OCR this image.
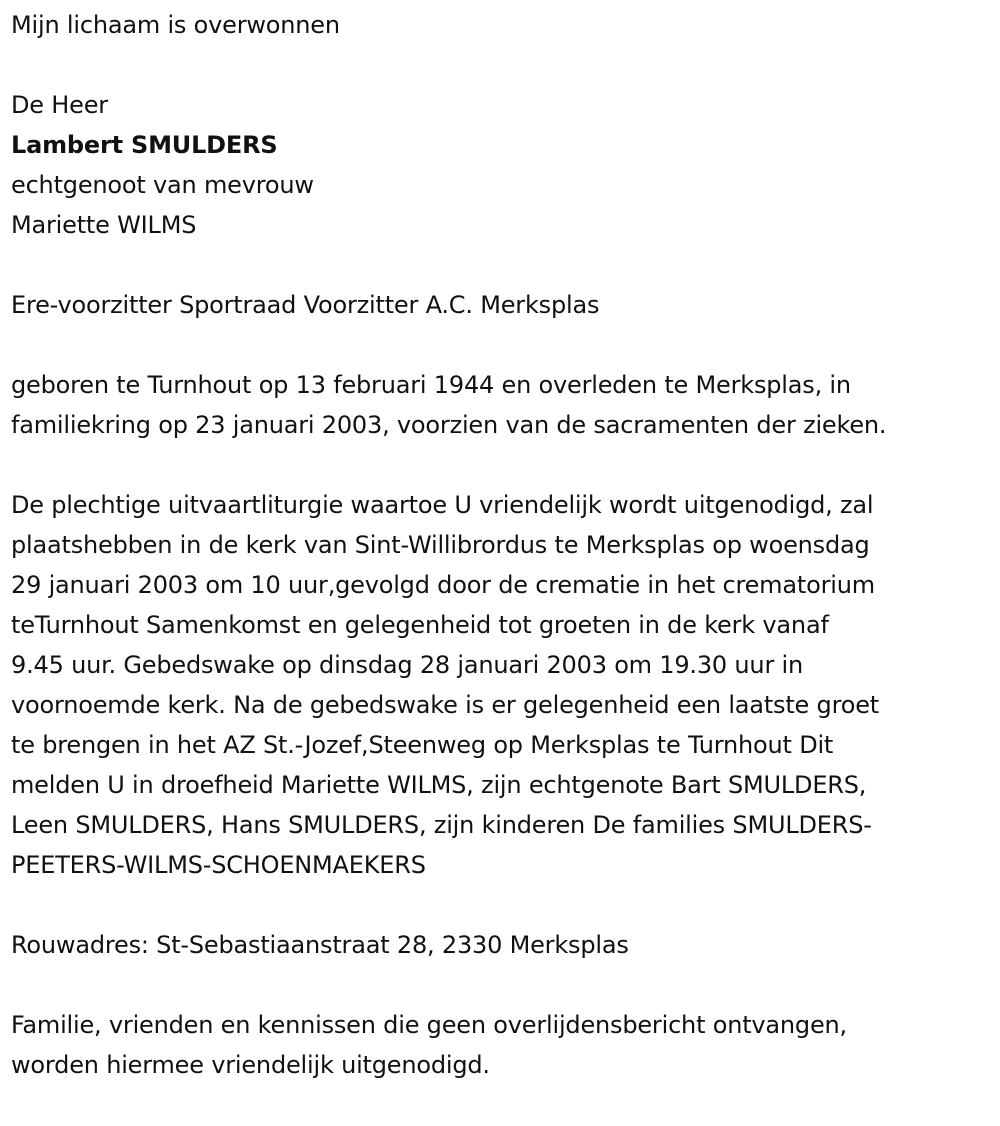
Mijn lichaam is overwonnen
De Heer
Lambert SMULDERS
echtgenoot van mevrouw
Mariette WILMS
Ere-voorzitter Sportraad Voorzitter A.C. Merksplas
geboren te Turnhout op 13 februari 1944 en overleden te Merksplas, in
familiekring op 23 januari 2003, voorzien van de sacramenten der zieken.
De plechtige uitvaartliturgie waartoe U vriendelijk wordt uitgenodigd, zal
plaatshebben in de kerk van Sint-Willibrordus te Merksplas op woensdag
29 januari 2003 om 10 uur,gevolgd door de crematie in het crematorium
teTurnhout Samenkomst en gelegenheid tot groeten in de kerk vanaf
9.45 uur. Gebedswake op dinsdag 28 januari 2003 om 19.30 uur in
voornoemde kerk. Na de gebedswake is er gelegenheid een laatste groet
te brengen in het AZ St.-Jozef,Steenweg op Merksplas te Turnhout Dit
melden U in droefheid Mariette WILMS, zijn echtgenote Bart SMULDERS,
Leen SMULDERS, Hans SMULDERS, zijn kinderen De families SMULDERS-
PEETERS-WILMS-SCHOENMAEKERS
Rouwadres: St-Sebastiaanstraat 28, 2330 Merksplas
Familie, vrienden en kennissen die geen overlijdensbericht ontvangen,
worden hiermee vriendelijk uitgenodigd.
